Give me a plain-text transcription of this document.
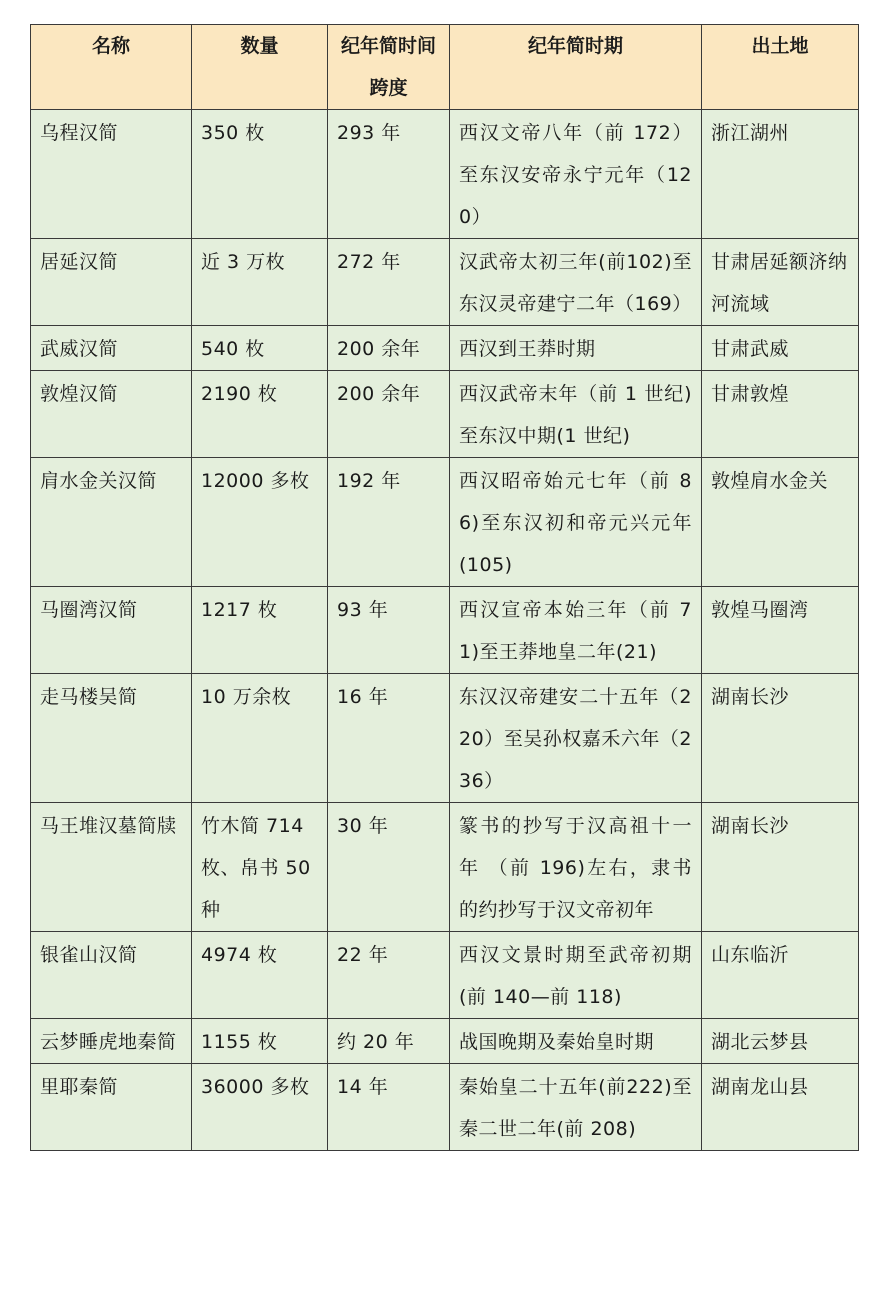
名称	数量	纪年简时间跨度	纪年简时期	出土地
乌程汉简	350 枚	293 年	西汉文帝八年（前 172）至东汉安帝永宁元年（120）	浙江湖州
居延汉简	近 3 万枚	272 年	汉武帝太初三年(前102)至东汉灵帝建宁二年（169）	甘肃居延额济纳河流域
武威汉简	540 枚	200 余年	西汉到王莽时期	甘肃武威
敦煌汉简	2190 枚	200 余年	西汉武帝末年（前 1 世纪)至东汉中期(1 世纪)	甘肃敦煌
肩水金关汉简	12000 多枚	192 年	西汉昭帝始元七年（前 86)至东汉初和帝元兴元年(105)	敦煌肩水金关
马圈湾汉简	1217 枚	93 年	西汉宣帝本始三年（前 71)至王莽地皇二年(21)	敦煌马圈湾
走马楼吴简	10 万余枚	16 年	东汉汉帝建安二十五年（220）至吴孙权嘉禾六年（236）	湖南长沙
马王堆汉墓简牍	竹木简 714 枚、帛书 50 种	30 年	篆书的抄写于汉高祖十一年 （前 196)左右，隶书的约抄写于汉文帝初年	湖南长沙
银雀山汉简	4974 枚	22 年	西汉文景时期至武帝初期(前 140—前 118)	山东临沂
云梦睡虎地秦简	1155 枚	约 20 年	战国晚期及秦始皇时期	湖北云梦县
里耶秦简	36000 多枚	14 年	秦始皇二十五年(前222)至秦二世二年(前 208)	湖南龙山县
